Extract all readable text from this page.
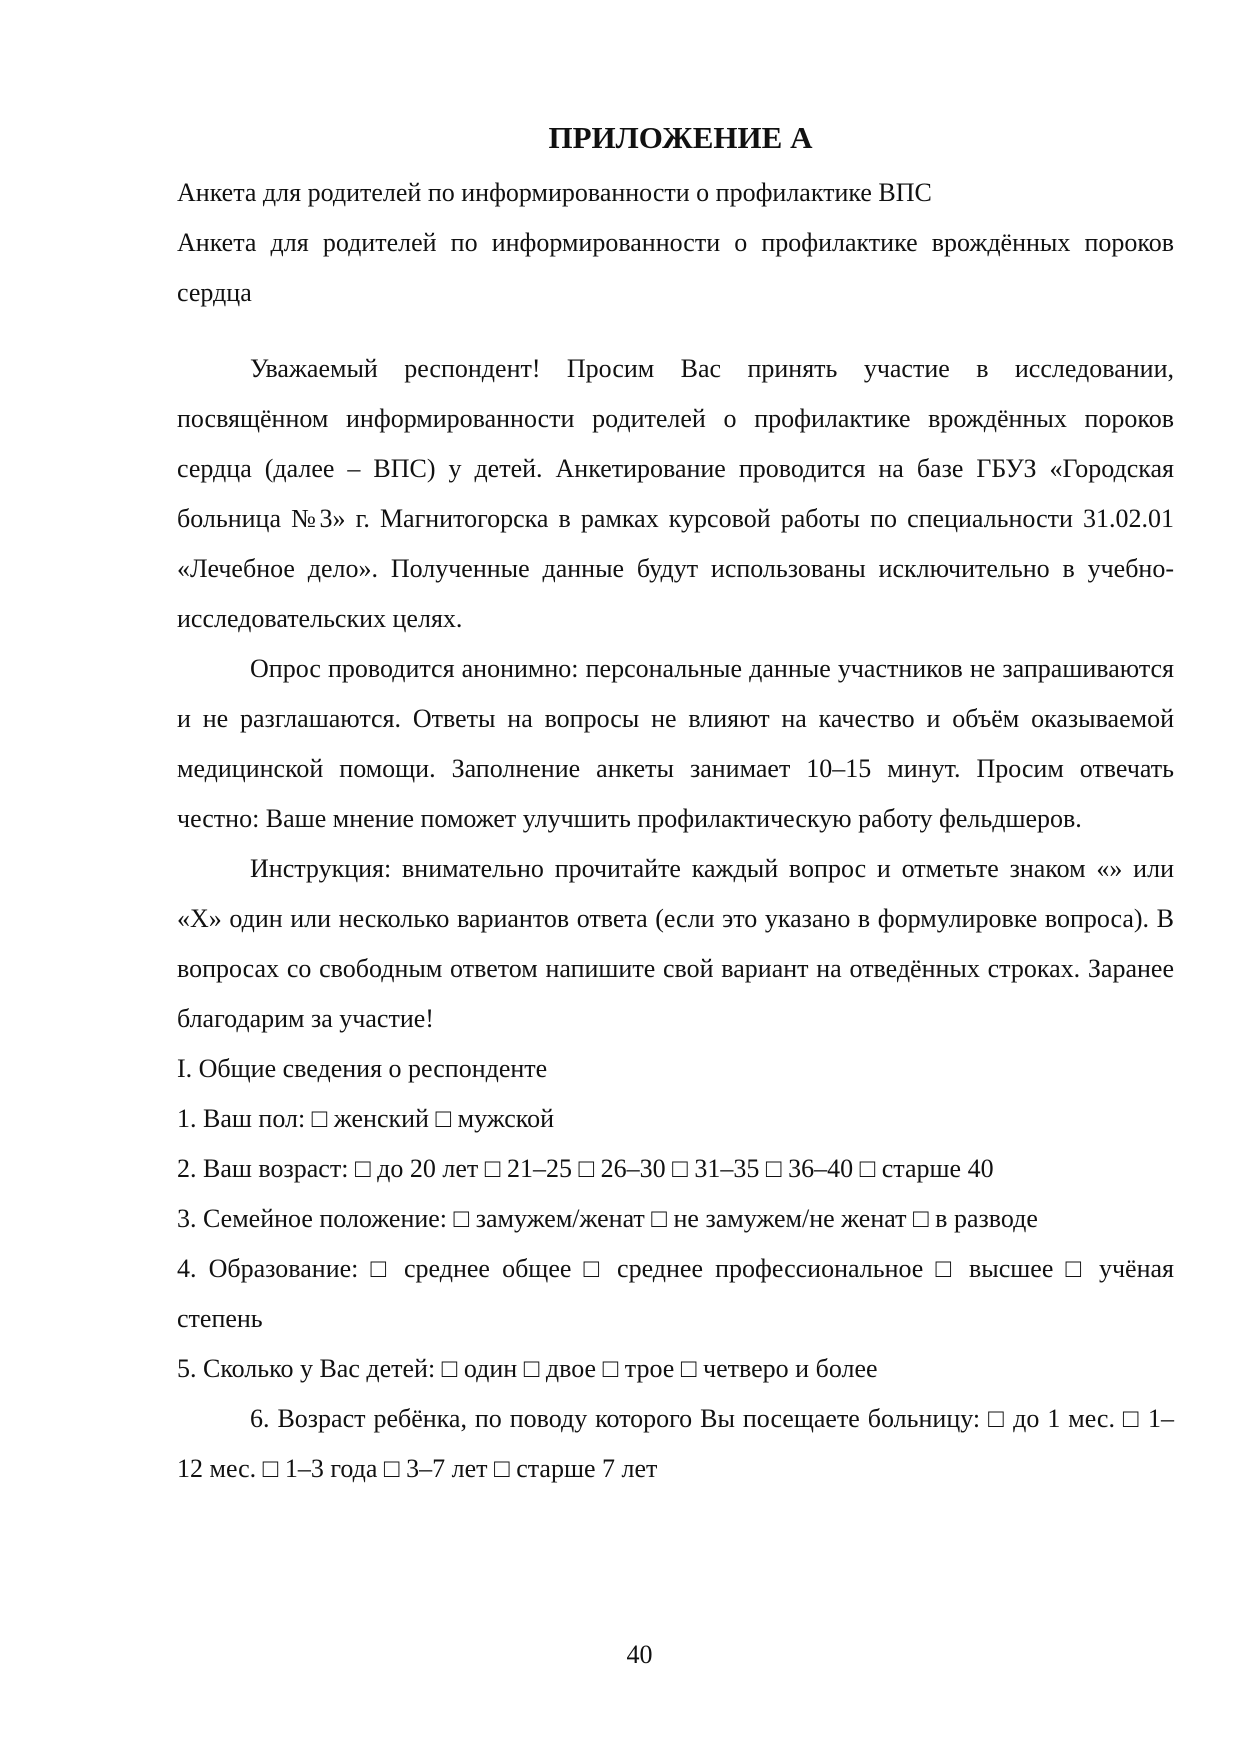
ПРИЛОЖЕНИЕ А

Анкета для родителей по информированности о профилактике ВПС

Анкета для родителей по информированности о профилактике врождённых пороков сердца

Уважаемый респондент! Просим Вас принять участие в исследовании, посвящённом информированности родителей о профилактике врождённых пороков сердца (далее – ВПС) у детей. Анкетирование проводится на базе ГБУЗ «Городская больница №3» г. Магнитогорска в рамках курсовой работы по специальности 31.02.01 «Лечебное дело». Полученные данные будут использованы исключительно в учебно-исследовательских целях.

Опрос проводится анонимно: персональные данные участников не запрашиваются и не разглашаются. Ответы на вопросы не влияют на качество и объём оказываемой медицинской помощи. Заполнение анкеты занимает 10–15 минут. Просим отвечать честно: Ваше мнение поможет улучшить профилактическую работу фельдшеров.

Инструкция: внимательно прочитайте каждый вопрос и отметьте знаком «» или «Х» один или несколько вариантов ответа (если это указано в формулировке вопроса). В вопросах со свободным ответом напишите свой вариант на отведённых строках. Заранее благодарим за участие!

I. Общие сведения о респонденте

1. Ваш пол: □ женский □ мужской

2. Ваш возраст: □ до 20 лет □ 21–25 □ 26–30 □ 31–35 □ 36–40 □ старше 40

3. Семейное положение: □ замужем/женат □ не замужем/не женат □ в разводе

4. Образование: □ среднее общее □ среднее профессиональное □ высшее □ учёная степень

5. Сколько у Вас детей: □ один □ двое □ трое □ четверо и более

6. Возраст ребёнка, по поводу которого Вы посещаете больницу: □ до 1 мес. □ 1–12 мес. □ 1–3 года □ 3–7 лет □ старше 7 лет

40
